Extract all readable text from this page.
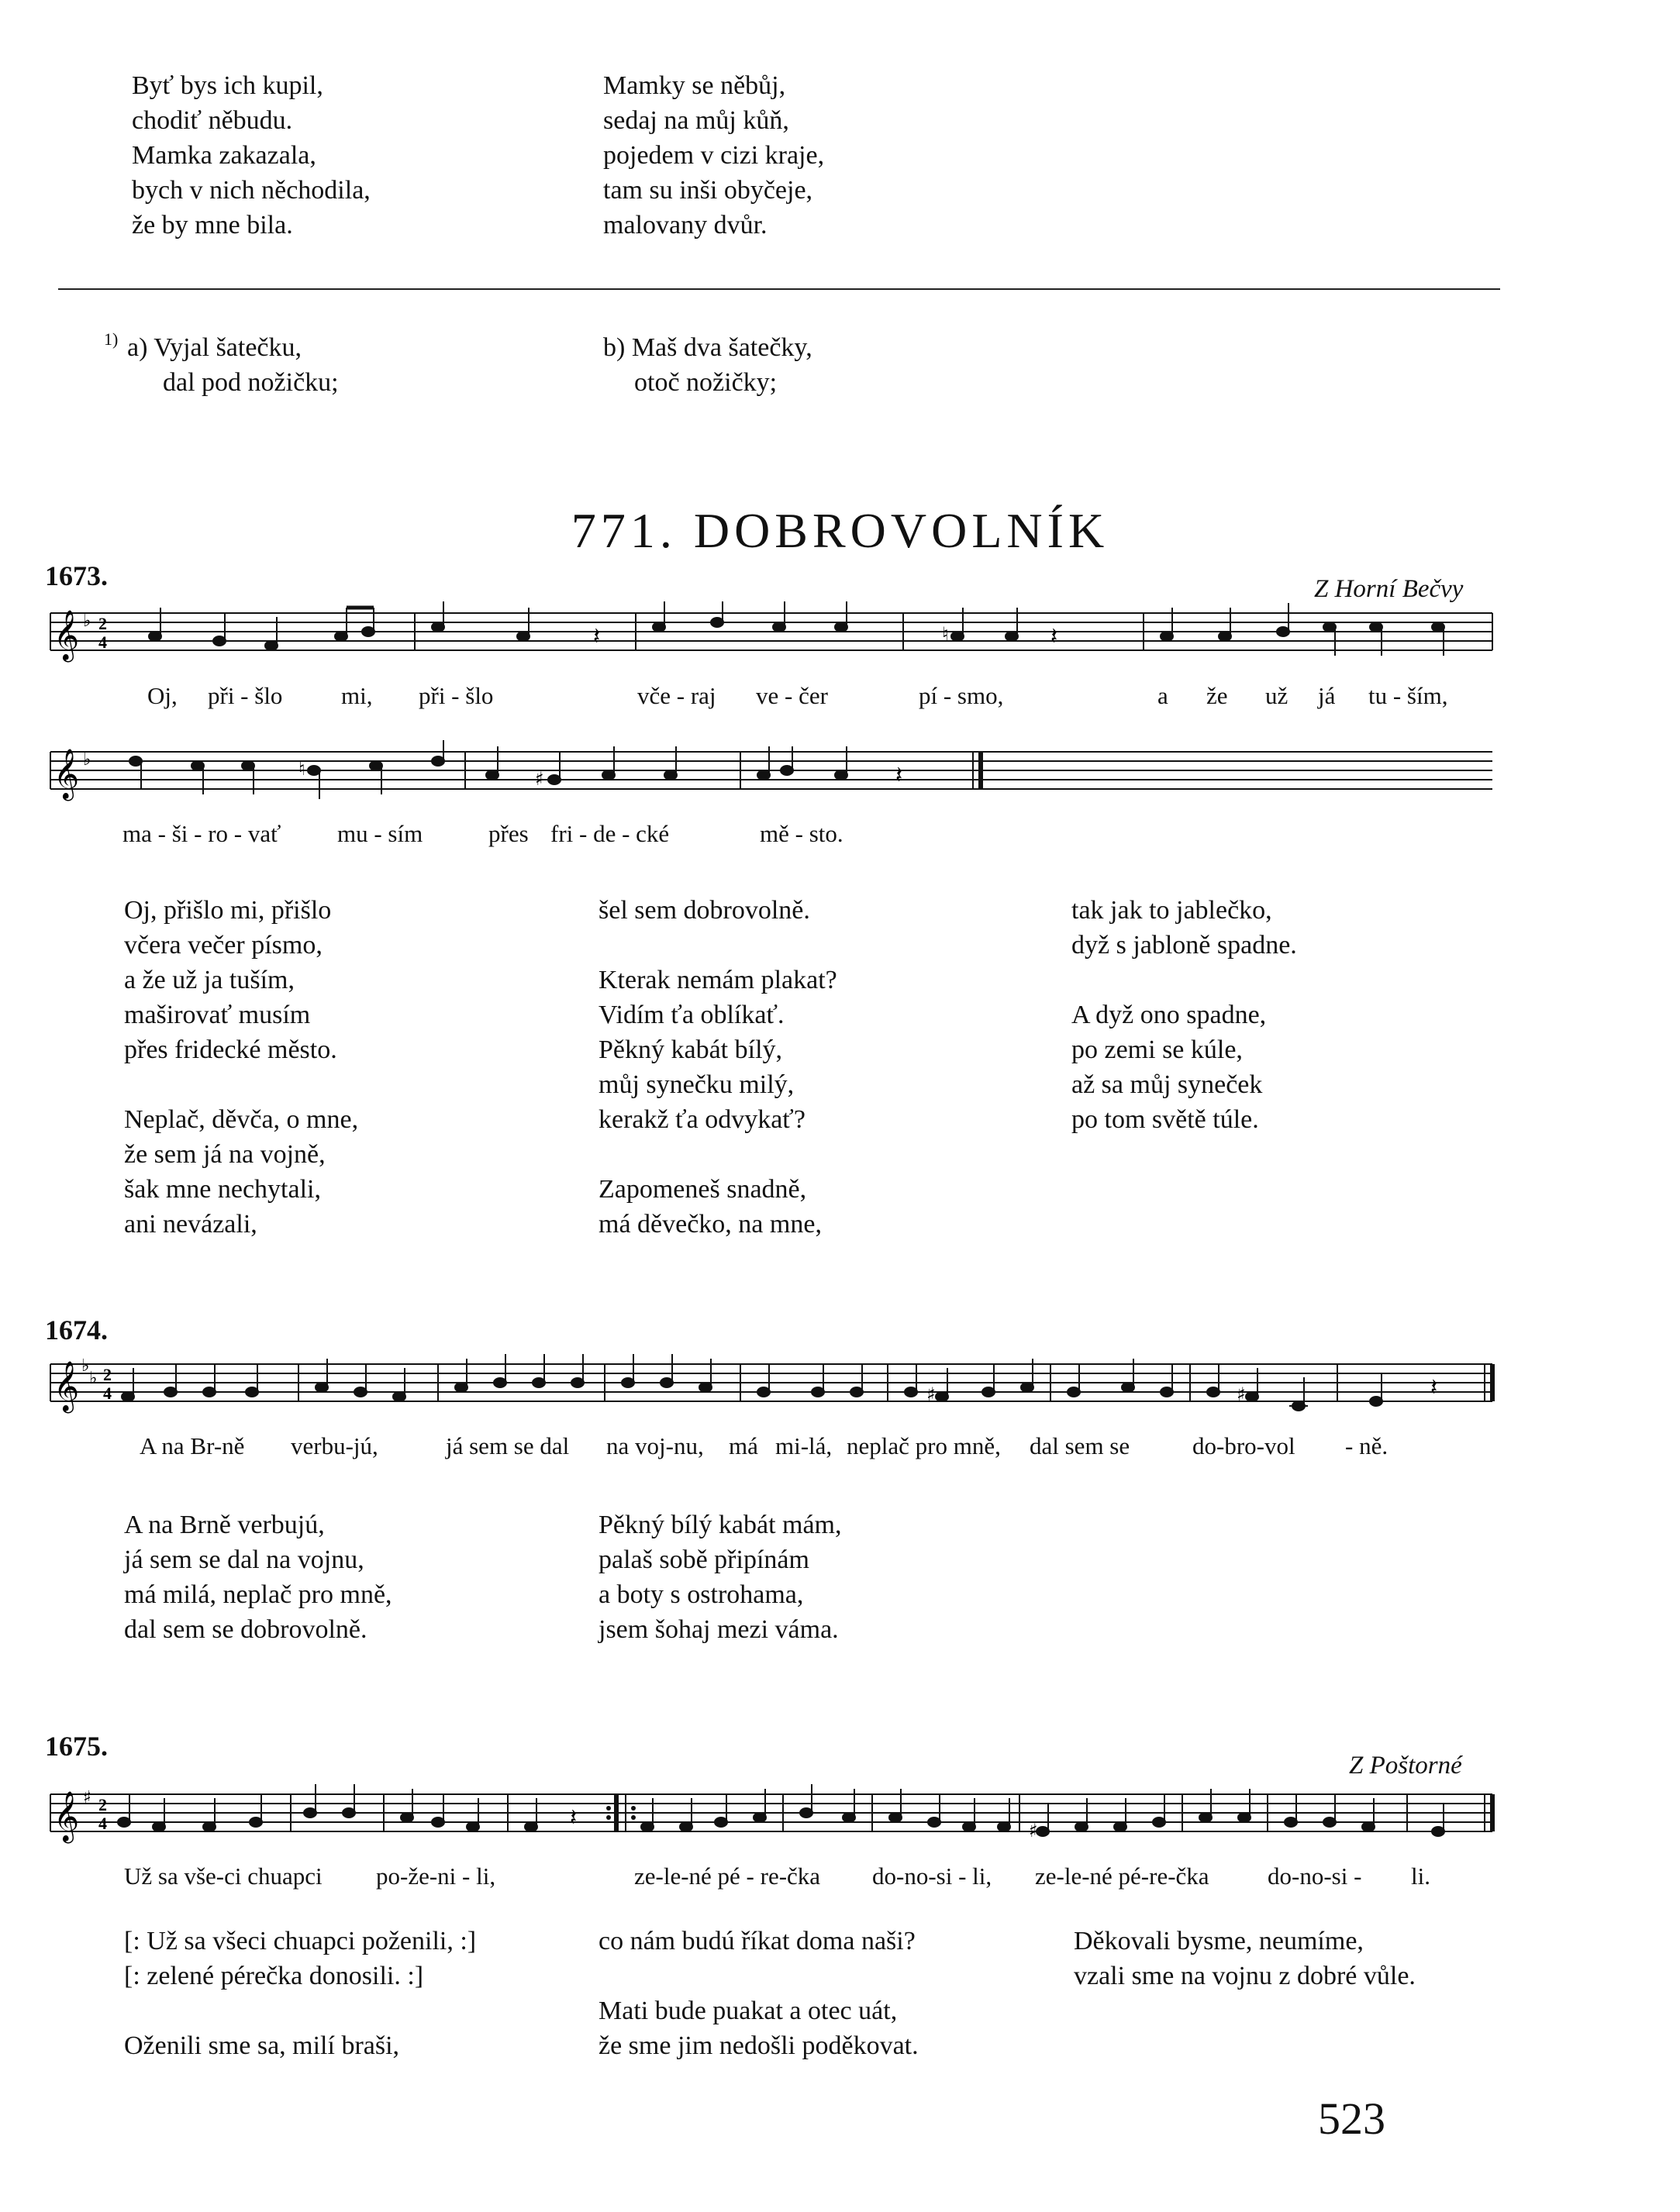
Byť bys ich kupil,
chodiť něbudu.
Mamka zakazala,
bych v nich něchodila,
že by mne bila.
Mamky se něbůj,
sedaj na můj kůň,
pojedem v cizi kraje,
tam su inši obyčeje,
malovany dvůr.
1) a) Vyjal šatečku,
dal pod nožičku;
b) Maš dva šatečky,
otoč nožičky;
771. DOBROVOLNÍK
1673.	Z Horní Bečvy
𝄞 ♭ 2
4	♮	𝄽
𝄽
Oj, při - šlo mi, při - šlo	vče - raj ve - čer	pí - smo,	a že už já tu - ším,
𝄞 ♭	♮	♯	𝄽
ma - ši - ro - vať mu - sím	přes fri - de - cké	mě - sto.
Oj, přišlo mi, přišlo
včera večer písmo,
a že už ja tuším,
maširovať musím
přes fridecké město.
Neplač, děvča, o mne,
že sem já na vojně,
šak mne nechytali,
ani nevázali,
šel sem dobrovolně.
Kterak nemám plakat?
Vidím ťa oblíkať.
Pěkný kabát bílý,
můj synečku milý,
kerakž ťa odvykať?
Zapomeneš snadně,
má děvečko, na mne,
tak jak to jablečko,
dyž s jabloně spadne.
A dyž ono spadne,
po zemi se kúle,
až sa můj syneček
po tom světě túle.
1674.
𝄞 ♭
♭ 2
4	♯	♯	𝄽
A na Br-ně verbu-jú,	já sem se dal na voj-nu, má mi-lá, neplač pro mně, dal sem se	do-bro-vol - ně.
A na Brně verbujú,
já sem se dal na vojnu,
má milá, neplač pro mně,
dal sem se dobrovolně.
Pěkný bílý kabát mám,
palaš sobě připínám
a boty s ostrohama,
jsem šohaj mezi váma.
1675.
Z Poštorné
𝄞 ♯ 2
4	♯
𝄽
Už sa vše-ci chuapci po-že-ni - li,	ze-le-né pé - re-čka do-no-si - li, ze-le-né pé-re-čka do-no-si - li.
[: Už sa všeci chuapci poženili, :]
[: zelené pérečka donosili. :]
Oženili sme sa, milí braši,
co nám budú říkat doma naši?
Mati bude puakat a otec uát,
že sme jim nedošli poděkovat.
Děkovali bysme, neumíme,
vzali sme na vojnu z dobré vůle.
523
